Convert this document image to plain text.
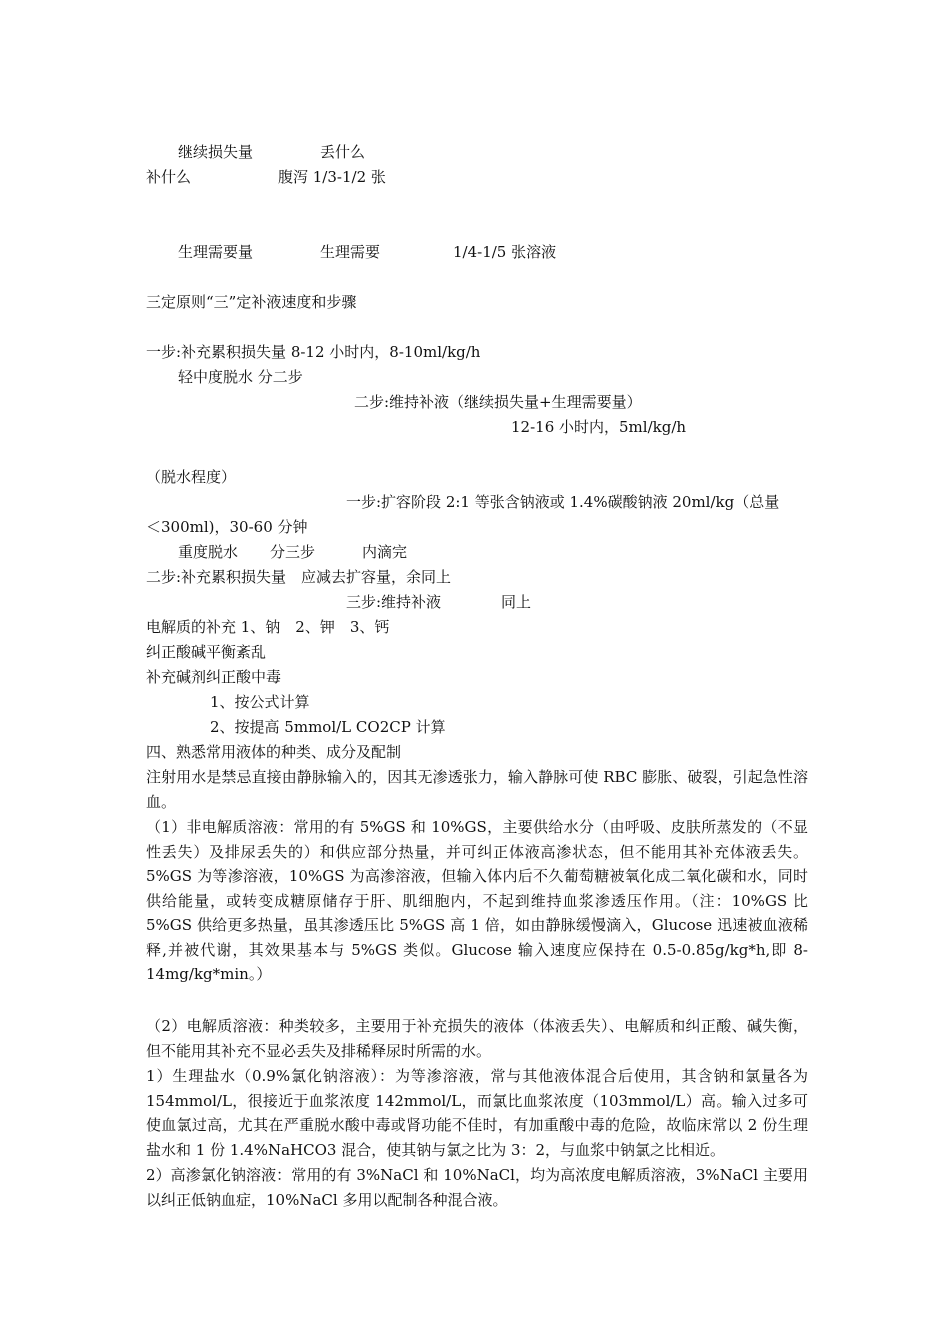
继续损失量	丢什么
补什么	腹泻 1/3-1/2 张
生理需要量	生理需要	1/4-1/5 张溶液
三定原则“三”定补液速度和步骤
一步:补充累积损失量 8-12 小时内，8-10ml/kg/h
轻中度脱水 分二步
二步:维持补液（继续损失量+生理需要量）
12-16 小时内，5ml/kg/h
（脱水程度）
一步:扩容阶段 2:1 等张含钠液或 1.4%碳酸钠液 20ml/kg（总量
＜300ml)，30-60 分钟
重度脱水 分三步	内滴完
二步:补充累积损失量　应减去扩容量，余同上
三步:维持补液	同上
电解质的补充 1、钠　2、钾　3、钙
纠正酸碱平衡紊乱
补充碱剂纠正酸中毒
1、按公式计算
2、按提高 5mmol/L CO2CP 计算
四、熟悉常用液体的种类、成分及配制
注射用水是禁忌直接由静脉输入的，因其无渗透张力，输入静脉可使 RBC 膨胀、破裂，引起急性溶血。
（1）非电解质溶液：常用的有 5%GS 和 10%GS，主要供给水分（由呼吸、皮肤所蒸发的（不显性丢失）及排尿丢失的）和供应部分热量，并可纠正体液高渗状态，但不能用其补充体液丢失。5%GS 为等渗溶液，10%GS 为高渗溶液，但输入体内后不久葡萄糖被氧化成二氧化碳和水，同时供给能量，或转变成糖原储存于肝、肌细胞内，不起到维持血浆渗透压作用。（注：10%GS 比 5%GS 供给更多热量，虽其渗透压比 5%GS 高 1 倍，如由静脉缓慢滴入，Glucose 迅速被血液稀释,并被代谢，其效果基本与 5%GS 类似。Glucose 输入速度应保持在 0.5-0.85g/kg*h,即 8-14mg/kg*min。）
（2）电解质溶液：种类较多，主要用于补充损失的液体（体液丢失）、电解质和纠正酸、碱失衡，但不能用其补充不显必丢失及排稀释尿时所需的水。
1）生理盐水（0.9%氯化钠溶液）：为等渗溶液，常与其他液体混合后使用，其含钠和氯量各为 154mmol/L，很接近于血浆浓度 142mmol/L，而氯比血浆浓度（103mmol/L）高。输入过多可使血氯过高，尤其在严重脱水酸中毒或肾功能不佳时，有加重酸中毒的危险，故临床常以 2 份生理盐水和 1 份 1.4%NaHCO3 混合，使其钠与氯之比为 3：2，与血浆中钠氯之比相近。
2）高渗氯化钠溶液：常用的有 3%NaCl 和 10%NaCl，均为高浓度电解质溶液，3%NaCl 主要用以纠正低钠血症，10%NaCl 多用以配制各种混合液。
